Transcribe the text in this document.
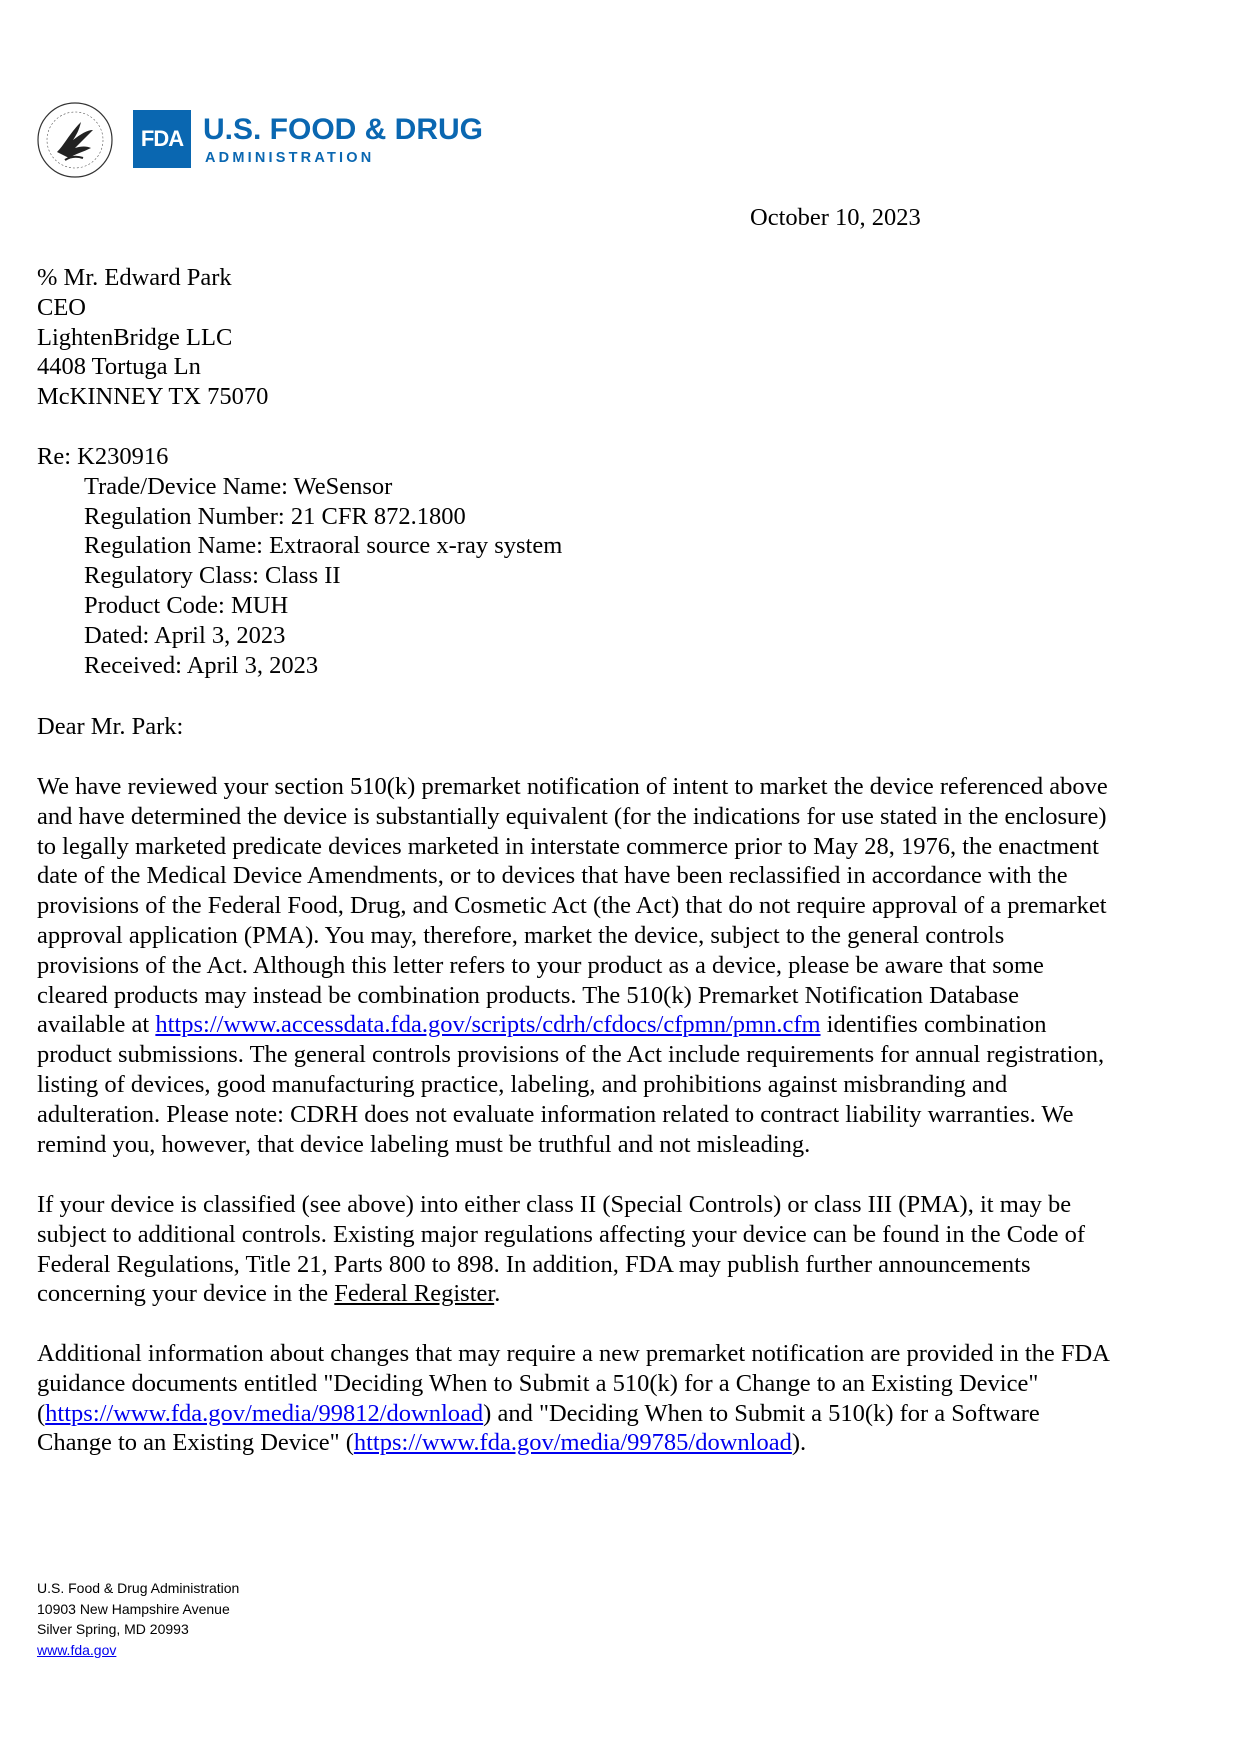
FDA U.S. FOOD & DRUG
ADMINISTRATION
October 10, 2023
% Mr. Edward Park
CEO
LightenBridge LLC
4408 Tortuga Ln
McKINNEY TX 75070
Re: K230916
Trade/Device Name: WeSensor
Regulation Number: 21 CFR 872.1800
Regulation Name: Extraoral source x-ray system
Regulatory Class: Class II
Product Code: MUH
Dated: April 3, 2023
Received: April 3, 2023
Dear Mr. Park:
We have reviewed your section 510(k) premarket notification of intent to market the device referenced above
and have determined the device is substantially equivalent (for the indications for use stated in the enclosure)
to legally marketed predicate devices marketed in interstate commerce prior to May 28, 1976, the enactment
date of the Medical Device Amendments, or to devices that have been reclassified in accordance with the
provisions of the Federal Food, Drug, and Cosmetic Act (the Act) that do not require approval of a premarket
approval application (PMA). You may, therefore, market the device, subject to the general controls
provisions of the Act. Although this letter refers to your product as a device, please be aware that some
cleared products may instead be combination products. The 510(k) Premarket Notification Database
available at https://www.accessdata.fda.gov/scripts/cdrh/cfdocs/cfpmn/pmn.cfm identifies combination
product submissions. The general controls provisions of the Act include requirements for annual registration,
listing of devices, good manufacturing practice, labeling, and prohibitions against misbranding and
adulteration. Please note: CDRH does not evaluate information related to contract liability warranties. We
remind you, however, that device labeling must be truthful and not misleading.
If your device is classified (see above) into either class II (Special Controls) or class III (PMA), it may be
subject to additional controls. Existing major regulations affecting your device can be found in the Code of
Federal Regulations, Title 21, Parts 800 to 898. In addition, FDA may publish further announcements
concerning your device in the Federal Register.
Additional information about changes that may require a new premarket notification are provided in the FDA
guidance documents entitled "Deciding When to Submit a 510(k) for a Change to an Existing Device"
(https://www.fda.gov/media/99812/download) and "Deciding When to Submit a 510(k) for a Software
Change to an Existing Device" (https://www.fda.gov/media/99785/download).
U.S. Food & Drug Administration
10903 New Hampshire Avenue
Silver Spring, MD 20993
www.fda.gov
